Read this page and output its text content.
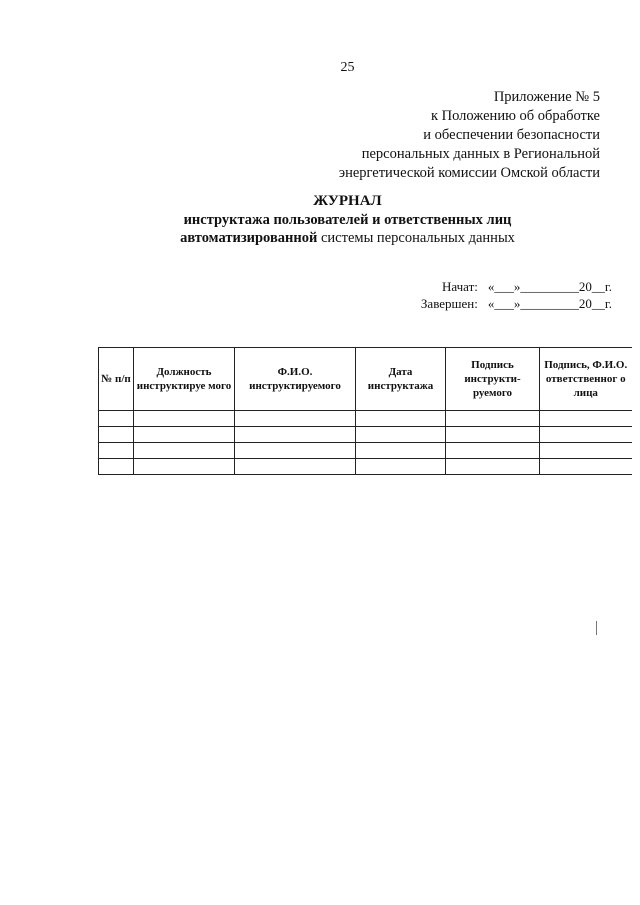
25
Приложение № 5
к Положению об обработке
и обеспечении безопасности
персональных данных в Региональной
энергетической комиссии Омской области
ЖУРНАЛ
инструктажа пользователей и ответственных лиц
автоматизированной системы персональных данных
Начат: «___»_________20__г.
Завершен: «___»_________20__г.
№ п/п	Должность инструктируе мого	Ф.И.О. инструктируемого	Дата инструктажа	Подпись инструкти- руемого	Подпись, Ф.И.О. ответственног о лица
